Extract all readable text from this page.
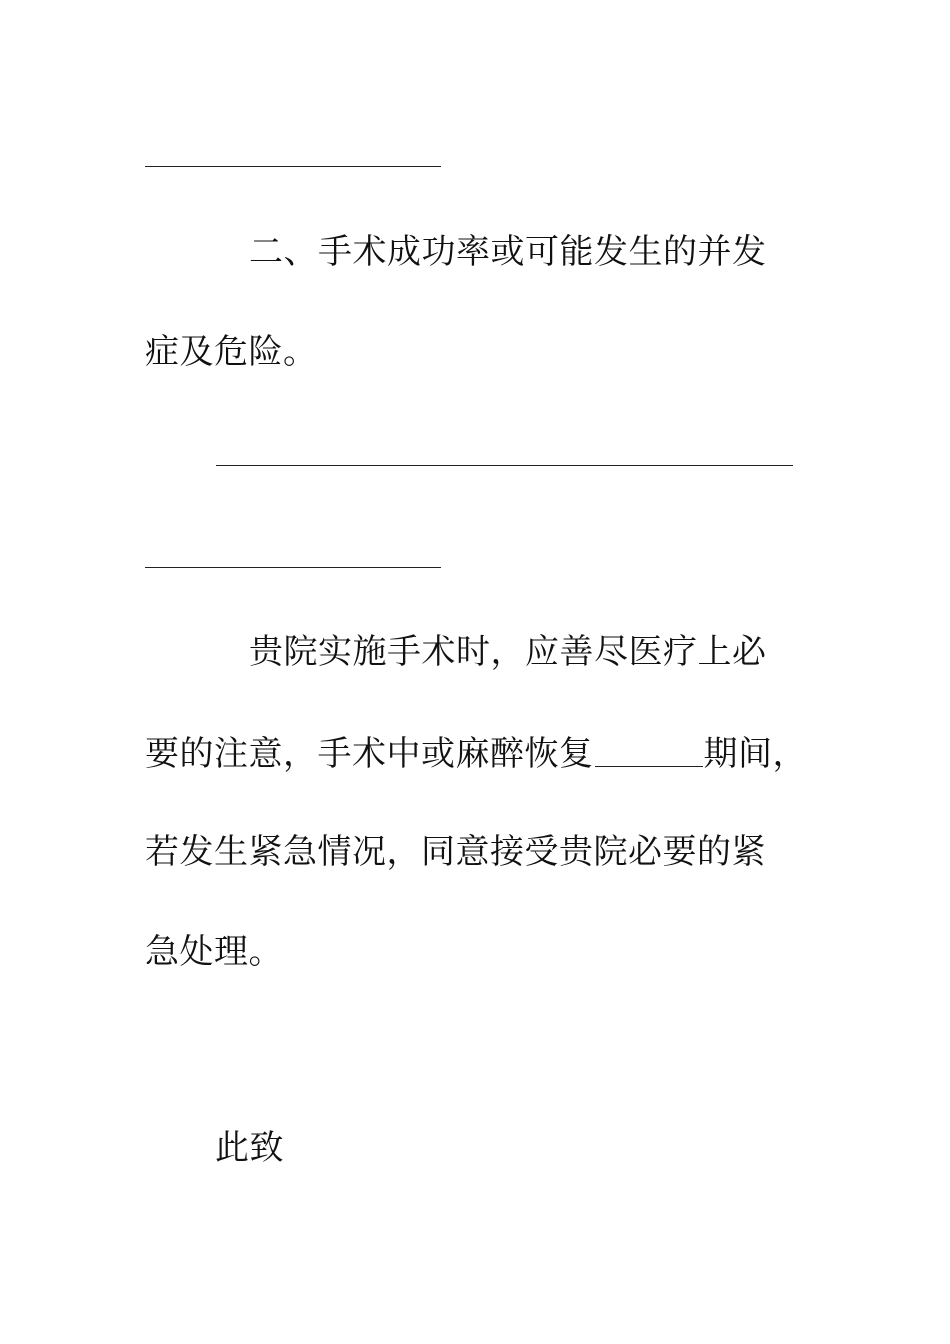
二、手术成功率或可能发生的并发
症及危险。
贵院实施手术时，应善尽医疗上必
要的注意，手术中或麻醉恢复	期间，
若发生紧急情况，同意接受贵院必要的紧
急处理。
此致
